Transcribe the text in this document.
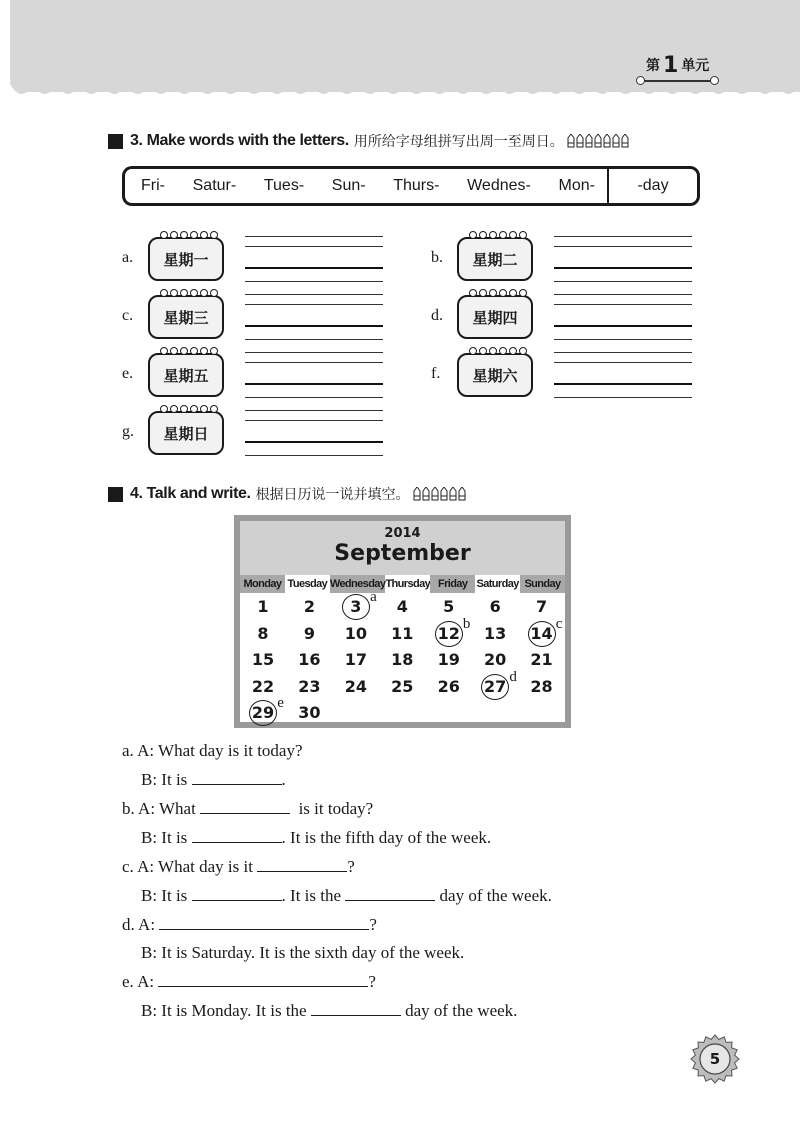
第 1 单元
3.
Make words with the letters. 用所给字母组拼写出周一至周日。
Fri- Satur- Tues- Sun- Thurs- Wednes- Mon-	-day
a. 星期一	b. 星期二
c. 星期三	d. 星期四
e. 星期五	f. 星期六
g. 星期日
4.
Talk and write. 根据日历说一说并填空。
2014
September
Monday Tuesday Wednesday Thursday Friday Saturday Sunday
1	2	3 a	4	5	6	7
8	9	10	11	12 b 13	14 c
15	16	17	18	19	20	21
22	23	24	25	26	27 d 28
29 e 30
a. A: What day is it today?
B: It is	.
b. A: What	is it today?
B: It is	. It is the fifth day of the week.
c. A: What day is it	?
B: It is	. It is the	day of the week.
d. A:	?
B: It is Saturday. It is the sixth day of the week.
e. A:	?
B: It is Monday. It is the	day of the week.
5
